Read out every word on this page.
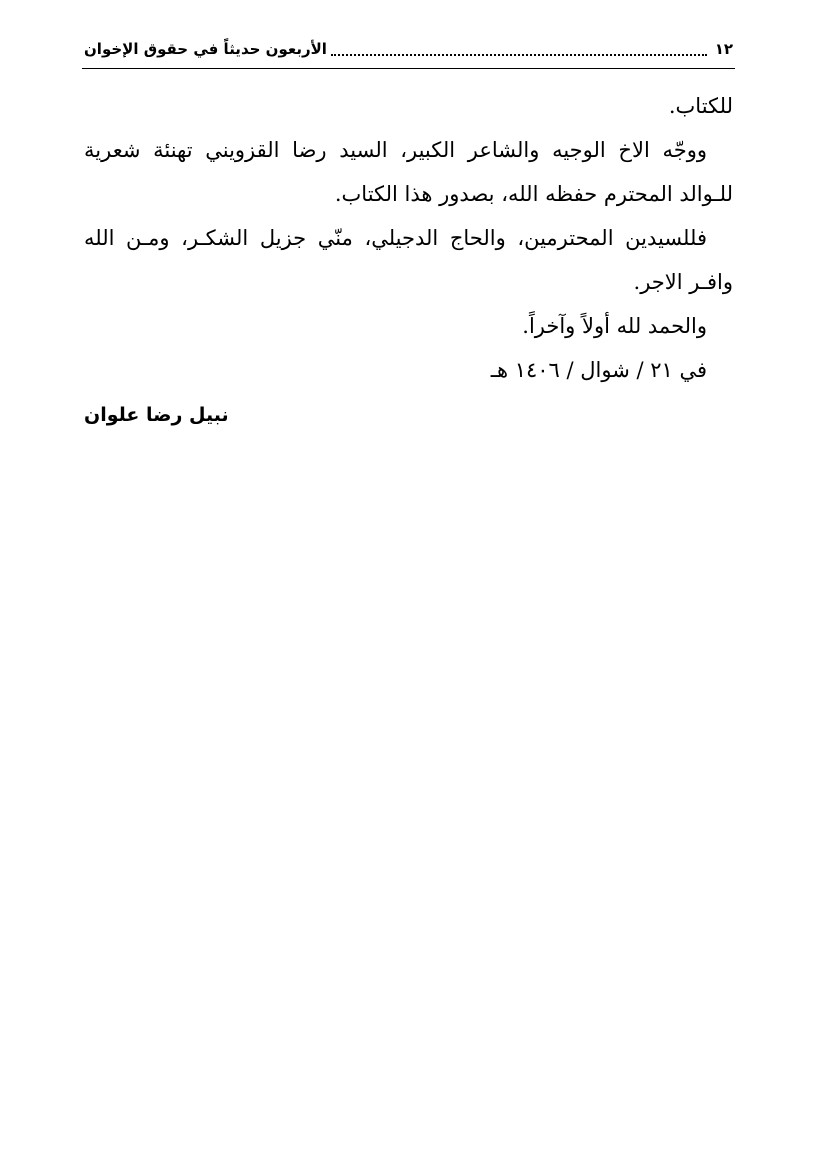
١٢
الأربعون حديثاً في حقوق الإخوان

للكتاب.

ووجّه الاخ الوجيه والشاعر الكبير، السيد رضا القزويني تهنئة شعرية للـوالد المحترم حفظه الله، بصدور هذا الكتاب.

فللسيدين المحترمين، والحاج الدجيلي، منّي جزيل الشكـر، ومـن الله وافـر الاجر.

والحمد لله أولاً وآخراً.

في ٢١ / شوال / ١٤٠٦ هـ

نبيل رضا علوان
